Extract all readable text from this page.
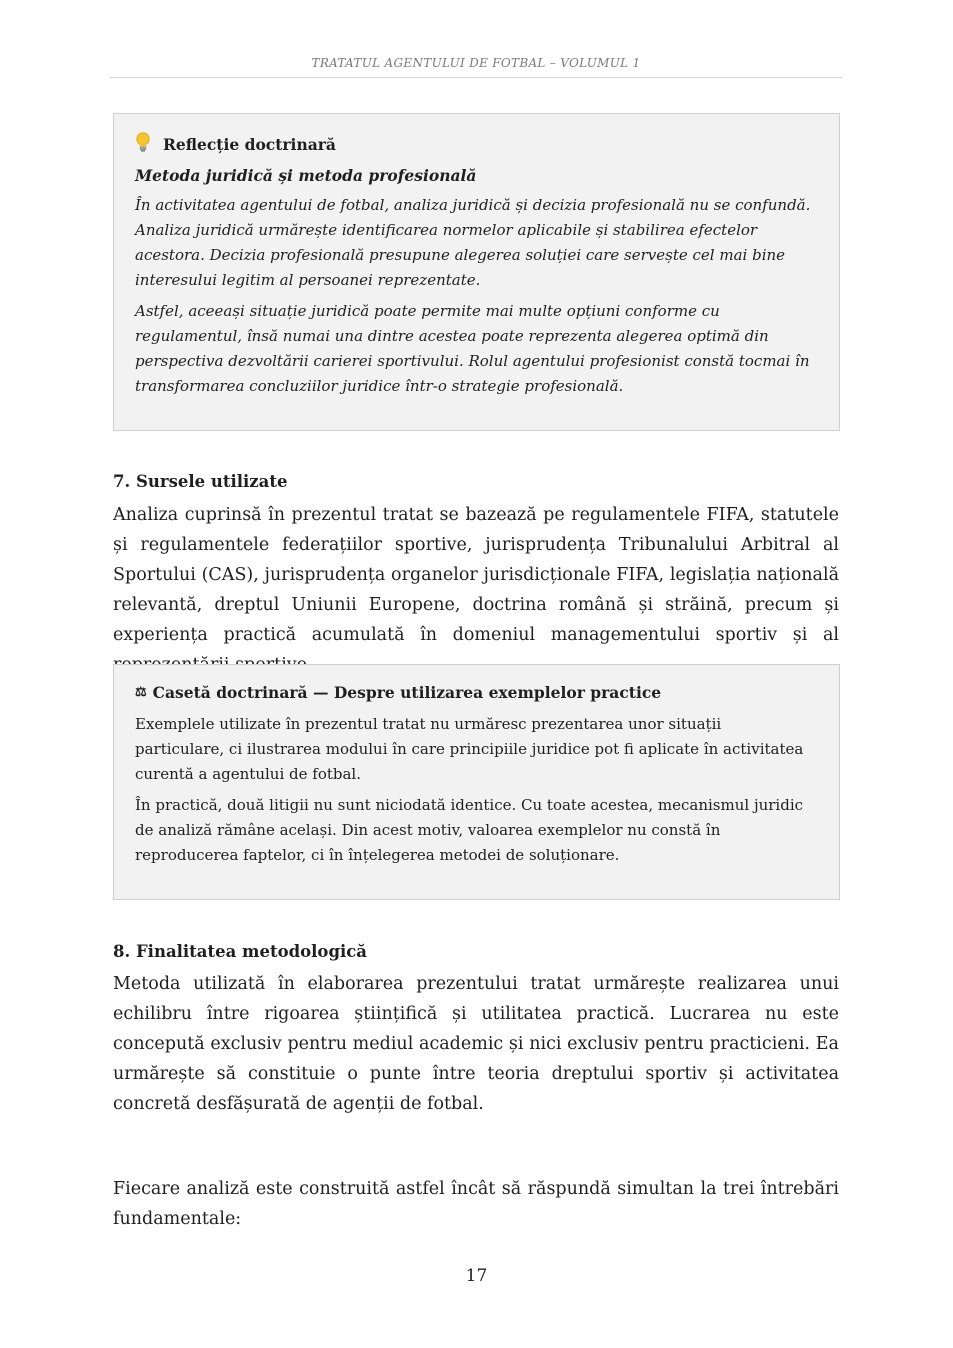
TRATATUL AGENTULUI DE FOTBAL – VOLUMUL 1
Reflecție doctrinară
Metoda juridică și metoda profesională

În activitatea agentului de fotbal, analiza juridică și decizia profesională nu se confundă. Analiza juridică urmărește identificarea normelor aplicabile și stabilirea efectelor acestora. Decizia profesională presupune alegerea soluției care servește cel mai bine interesului legitim al persoanei reprezentate.

Astfel, aceeași situație juridică poate permite mai multe opțiuni conforme cu regulamentul, însă numai una dintre acestea poate reprezenta alegerea optimă din perspectiva dezvoltării carierei sportivului. Rolul agentului profesionist constă tocmai în transformarea concluziilor juridice într-o strategie profesională.

7. Sursele utilizate

Analiza cuprinsă în prezentul tratat se bazează pe regulamentele FIFA, statutele și regulamentele federațiilor sportive, jurisprudența Tribunalului Arbitral al Sportului (CAS), jurisprudența organelor jurisdicționale FIFA, legislația națională relevantă, dreptul Uniunii Europene, doctrina română și străină, precum și experiența practică acumulată în domeniul managementului sportiv și al

⚖ Casetă doctrinară — Despre utilizarea exemplelor practice

Exemplele utilizate în prezentul tratat nu urmăresc prezentarea unor situații particulare, ci ilustrarea modului în care principiile juridice pot fi aplicate în activitatea curentă a agentului de fotbal.

În practică, două litigii nu sunt niciodată identice. Cu toate acestea, mecanismul juridic de analiză rămâne același. Din acest motiv, valoarea exemplelor nu constă în reproducerea faptelor, ci în înțelegerea metodei de soluționare.

8. Finalitatea metodologică

Metoda utilizată în elaborarea prezentului tratat urmărește realizarea unui echilibru între rigoarea științifică și utilitatea practică. Lucrarea nu este concepută exclusiv pentru mediul academic și nici exclusiv pentru practicieni. Ea urmărește să constituie o punte între teoria dreptului sportiv și activitatea concretă desfășurată de agenții de fotbal.

Fiecare analiză este construită astfel încât să răspundă simultan la trei întrebări fundamentale:

17
